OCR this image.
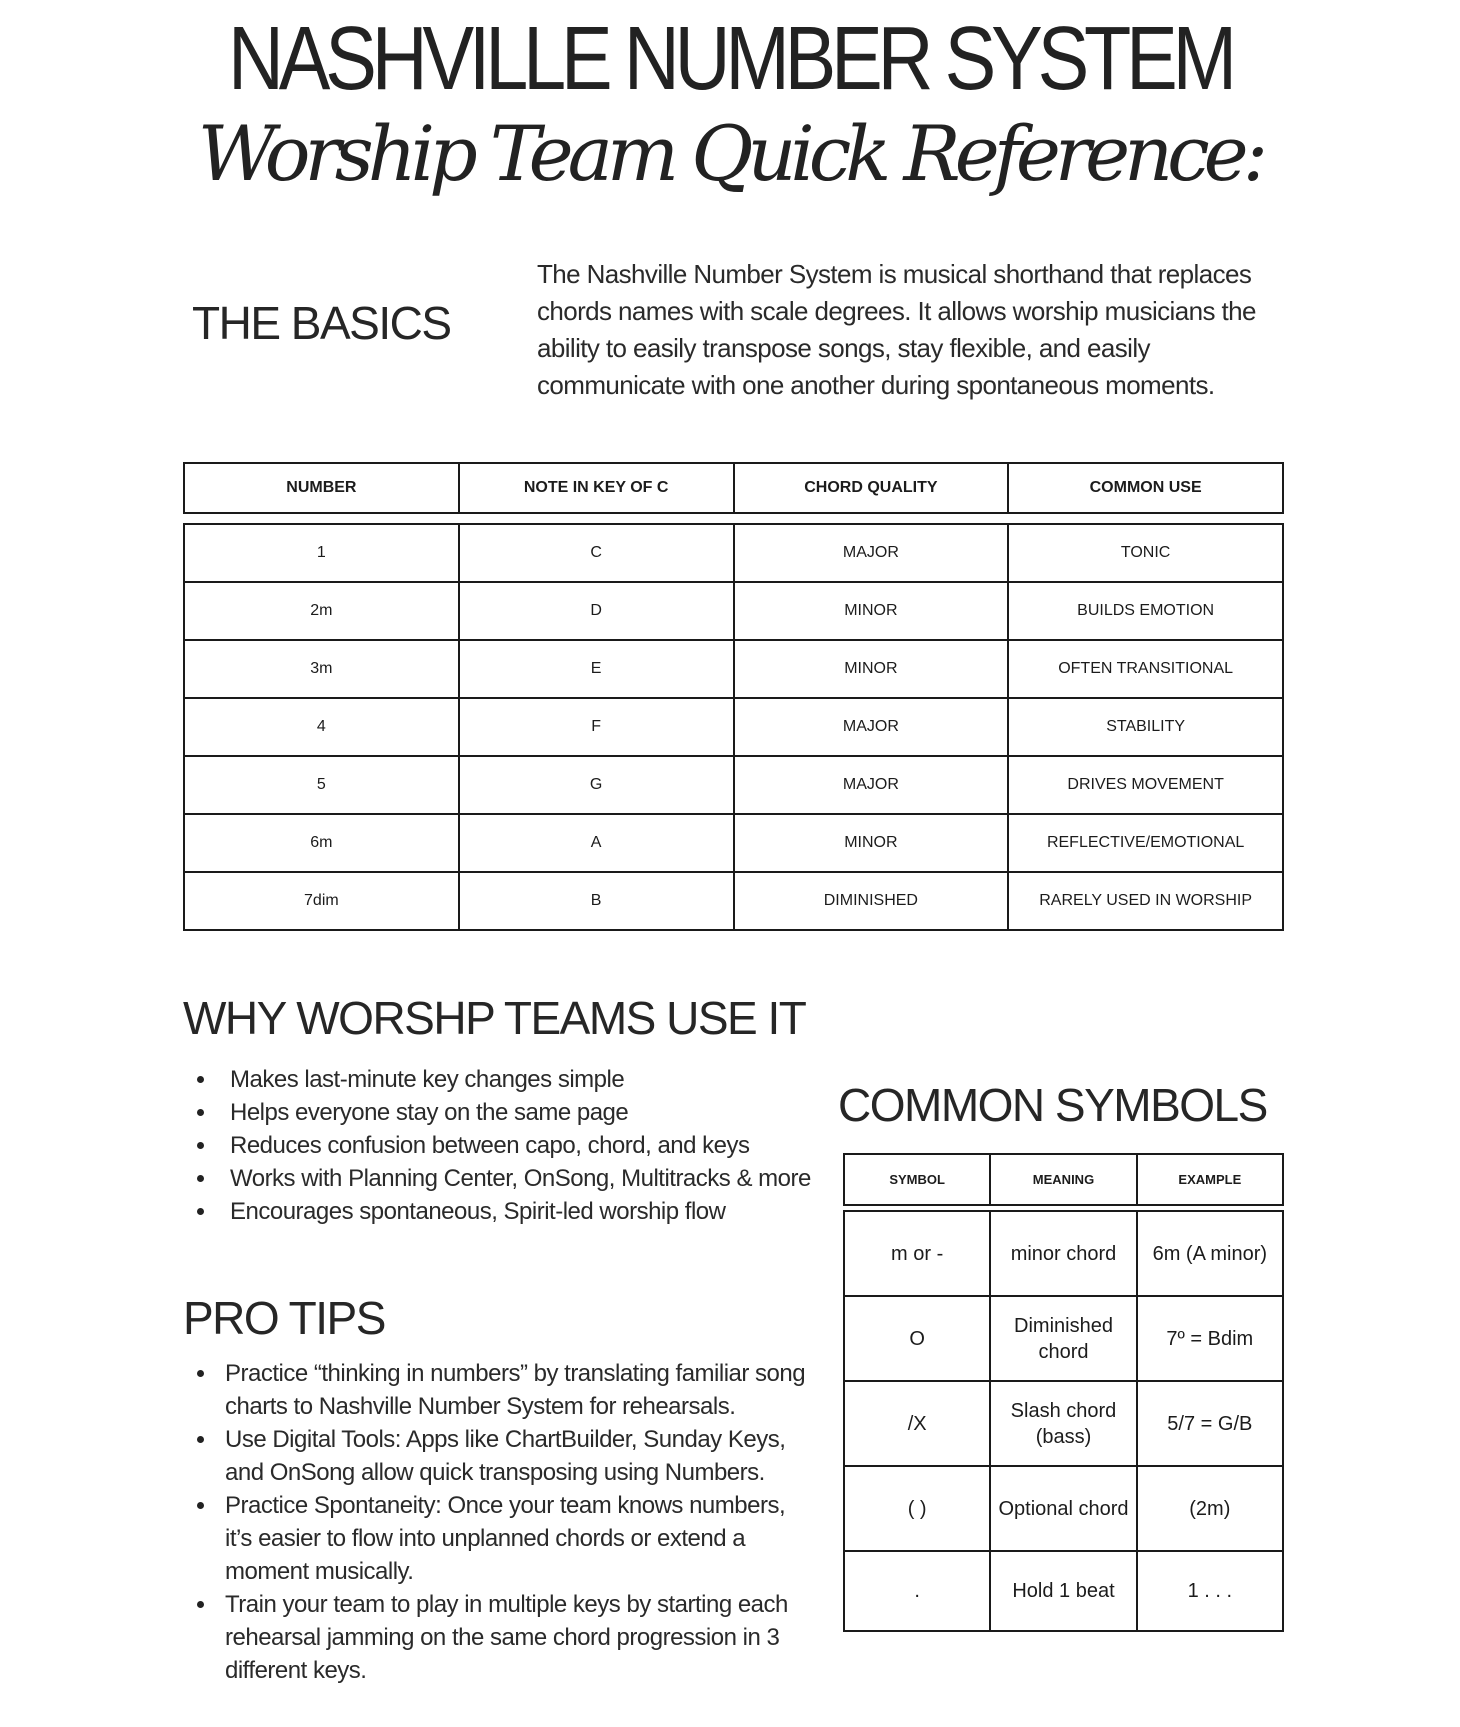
NASHVILLE NUMBER SYSTEM
Worship Team Quick Reference:
THE BASICS
The Nashville Number System is musical shorthand that replaces chords names with scale degrees. It allows worship musicians the ability to easily transpose songs, stay flexible, and easily communicate with one another during spontaneous moments.
NUMBER	NOTE IN KEY OF C	CHORD QUALITY	COMMON USE
1	C	MAJOR	TONIC
2m	D	MINOR	BUILDS EMOTION
3m	E	MINOR	OFTEN TRANSITIONAL
4	F	MAJOR	STABILITY
5	G	MAJOR	DRIVES MOVEMENT
6m	A	MINOR	REFLECTIVE/EMOTIONAL
7dim	B	DIMINISHED	RARELY USED IN WORSHIP
WHY WORSHP TEAMS USE IT
Makes last-minute key changes simple
Helps everyone stay on the same page
Reduces confusion between capo, chord, and keys
Works with Planning Center, OnSong, Multitracks & more
Encourages spontaneous, Spirit-led worship flow
PRO TIPS
Practice “thinking in numbers” by translating familiar song charts to Nashville Number System for rehearsals.
Use Digital Tools: Apps like ChartBuilder, Sunday Keys, and OnSong allow quick transposing using Numbers.
Practice Spontaneity: Once your team knows numbers, it’s easier to flow into unplanned chords or extend a moment musically.
Train your team to play in multiple keys by starting each rehearsal jamming on the same chord progression in 3 different keys.
COMMON SYMBOLS
SYMBOL	MEANING	EXAMPLE
m or -	minor chord	6m (A minor)
O	Diminished chord	7º = Bdim
/X	Slash chord (bass)	5/7 = G/B
( )	Optional chord	(2m)
.	Hold 1 beat	1 . . .
